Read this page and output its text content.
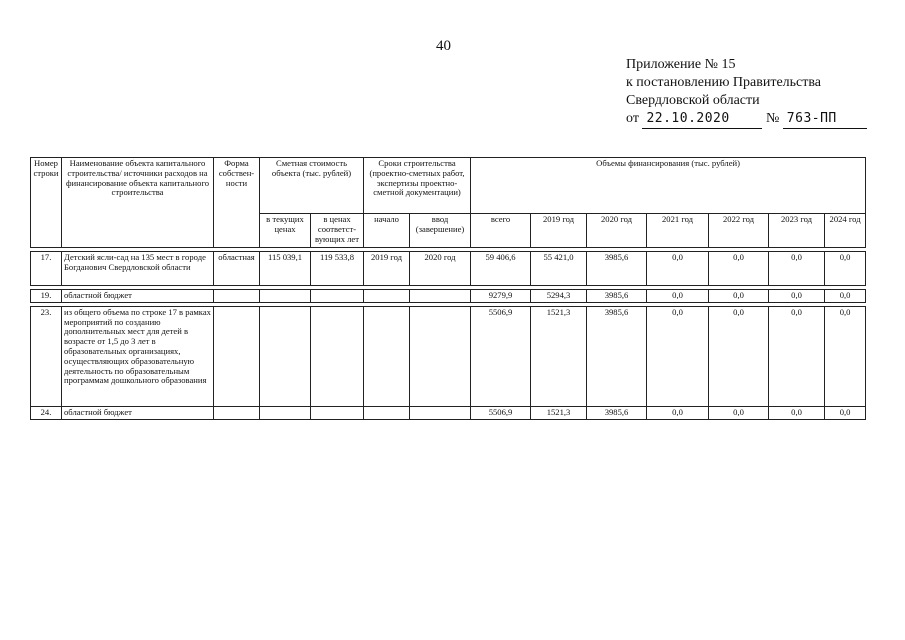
40
Приложение № 15
к постановлению Правительства
Свердловской области
от 22.10.2020	№ 763-ПП
Номер строки	Наименование объекта капитального строительства/ источники расходов на финансирование объекта капитального строительства	Форма собствен-ности	Сметная стоимость объекта (тыс. рублей)		Сроки строительства (проектно-сметных работ, экспертизы проектно-сметной документации)		Объемы финансирования (тыс. рублей)						
			в текущих ценах	в ценах соответст-вующих лет	начало	ввод (завершение)	всего	2019 год	2020 год	2021 год	2022 год	2023 год	2024 год

17.	Детский ясли-сад на 135 мест в городе Богданович Свердловской области	областная	115 039,1	119 533,8	2019 год	2020 год	59 406,6	55 421,0	3985,6	0,0	0,0	0,0	0,0

19.	областной бюджет						9279,9	5294,3	3985,6	0,0	0,0	0,0	0,0

23.	из общего объема по строке 17 в рамках мероприятий по созданию дополнительных мест для детей в возрасте от 1,5 до 3 лет в образовательных организациях, осуществляющих образовательную деятельность по образовательным программам дошкольного образования						5506,9	1521,3	3985,6	0,0	0,0	0,0	0,0
24.	областной бюджет						5506,9	1521,3	3985,6	0,0	0,0	0,0	0,0
